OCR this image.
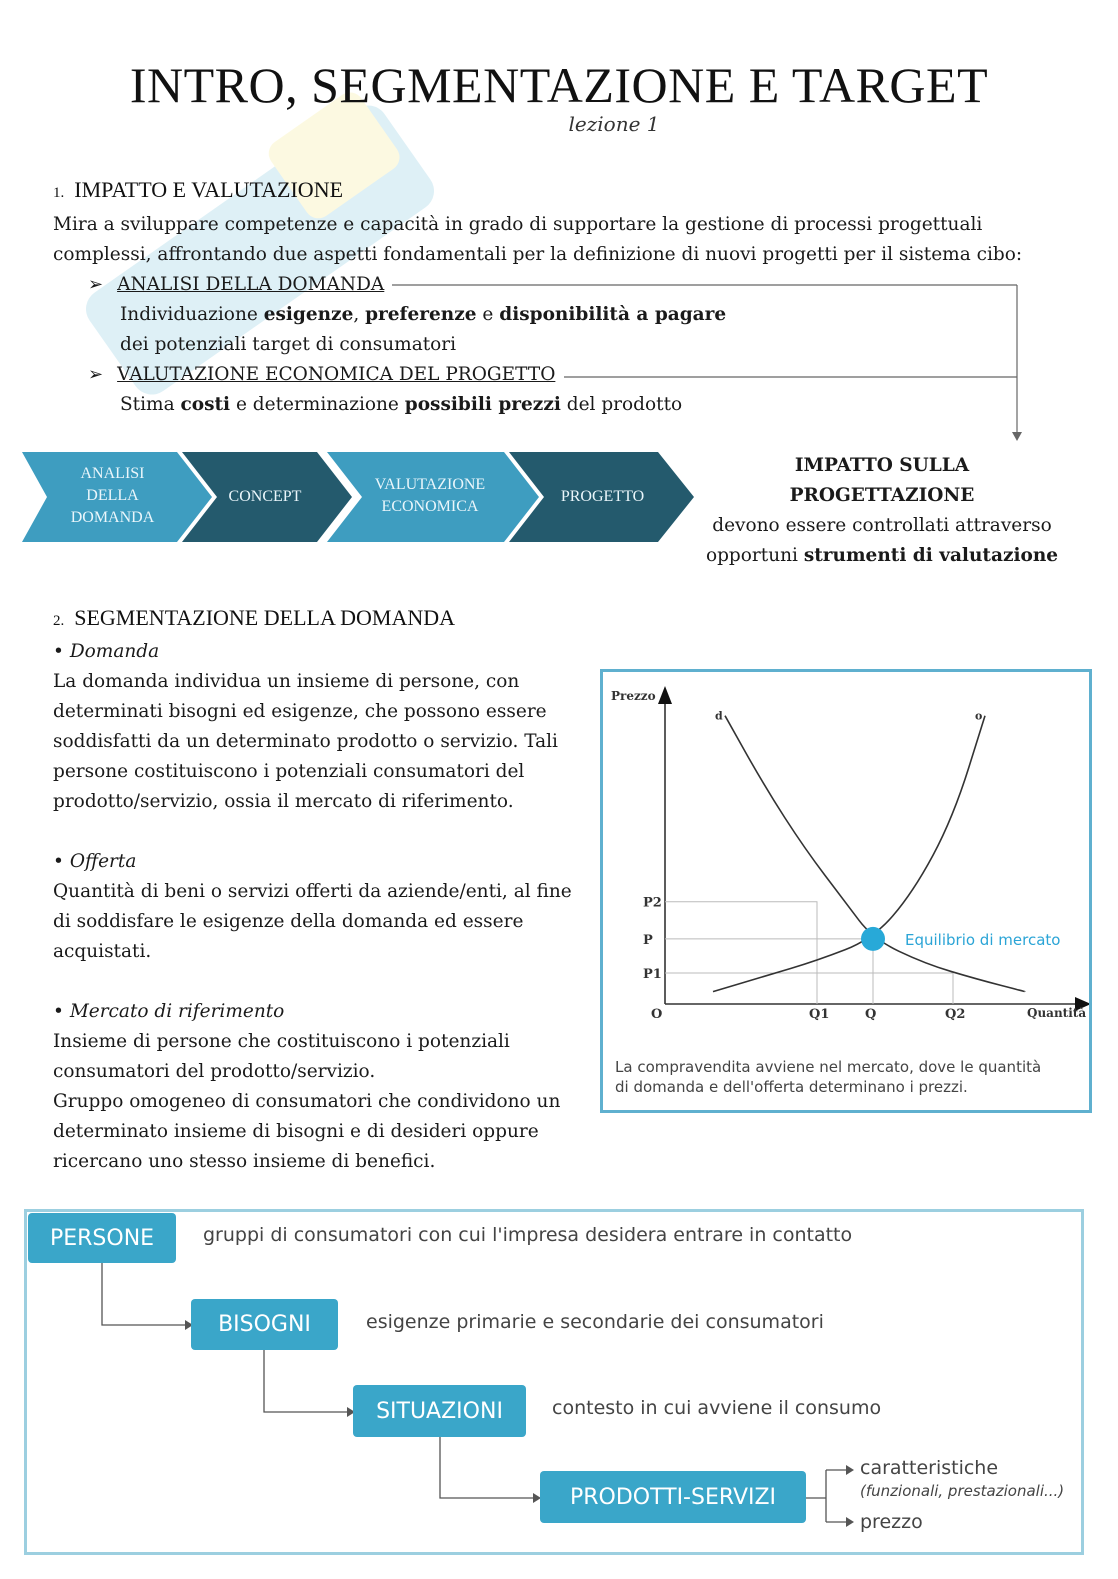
INTRO, SEGMENTAZIONE E TARGET
lezione 1
1. IMPATTO E VALUTAZIONE
Mira a sviluppare competenze e capacità in grado di supportare la gestione di processi progettuali
complessi, affrontando due aspetti fondamentali per la definizione di nuovi progetti per il sistema cibo:
➢ ANALISI DELLA DOMANDA
Individuazione esigenze, preferenze e disponibilità a pagare
dei potenziali target di consumatori
➢ VALUTAZIONE ECONOMICA DEL PROGETTO
Stima costi e determinazione possibili prezzi del prodotto
ANALISI
DELLA
DOMANDA
CONCEPT
VALUTAZIONE
ECONOMICA
PROGETTO
IMPATTO SULLA PROGETTAZIONE
devono essere controllati attraverso
opportuni strumenti di valutazione
2. SEGMENTAZIONE DELLA DOMANDA
• Domanda
La domanda individua un insieme di persone, con
determinati bisogni ed esigenze, che possono essere
soddisfatti da un determinato prodotto o servizio. Tali
persone costituiscono i potenziali consumatori del
prodotto/servizio, ossia il mercato di riferimento.
• Offerta
Quantità di beni o servizi offerti da aziende/enti, al fine
di soddisfare le esigenze della domanda ed essere
acquistati.
• Mercato di riferimento
Insieme di persone che costituiscono i potenziali
consumatori del prodotto/servizio.
Gruppo omogeneo di consumatori che condividono un
determinato insieme di bisogni e di desideri oppure
ricercano uno stesso insieme di benefici.
Prezzo
Quantità
d	o
Equilibrio di mercato
P2
P
P1
O	Q1	Q	Q2
La compravendita avviene nel mercato, dove le quantità
di domanda e dell'offerta determinano i prezzi.
PERSONE	gruppi di consumatori con cui l'impresa desidera entrare in contatto
BISOGNI	esigenze primarie e secondarie dei consumatori
SITUAZIONI	contesto in cui avviene il consumo
PRODOTTI-SERVIZI
caratteristiche
(funzionali, prestazionali...)
prezzo
